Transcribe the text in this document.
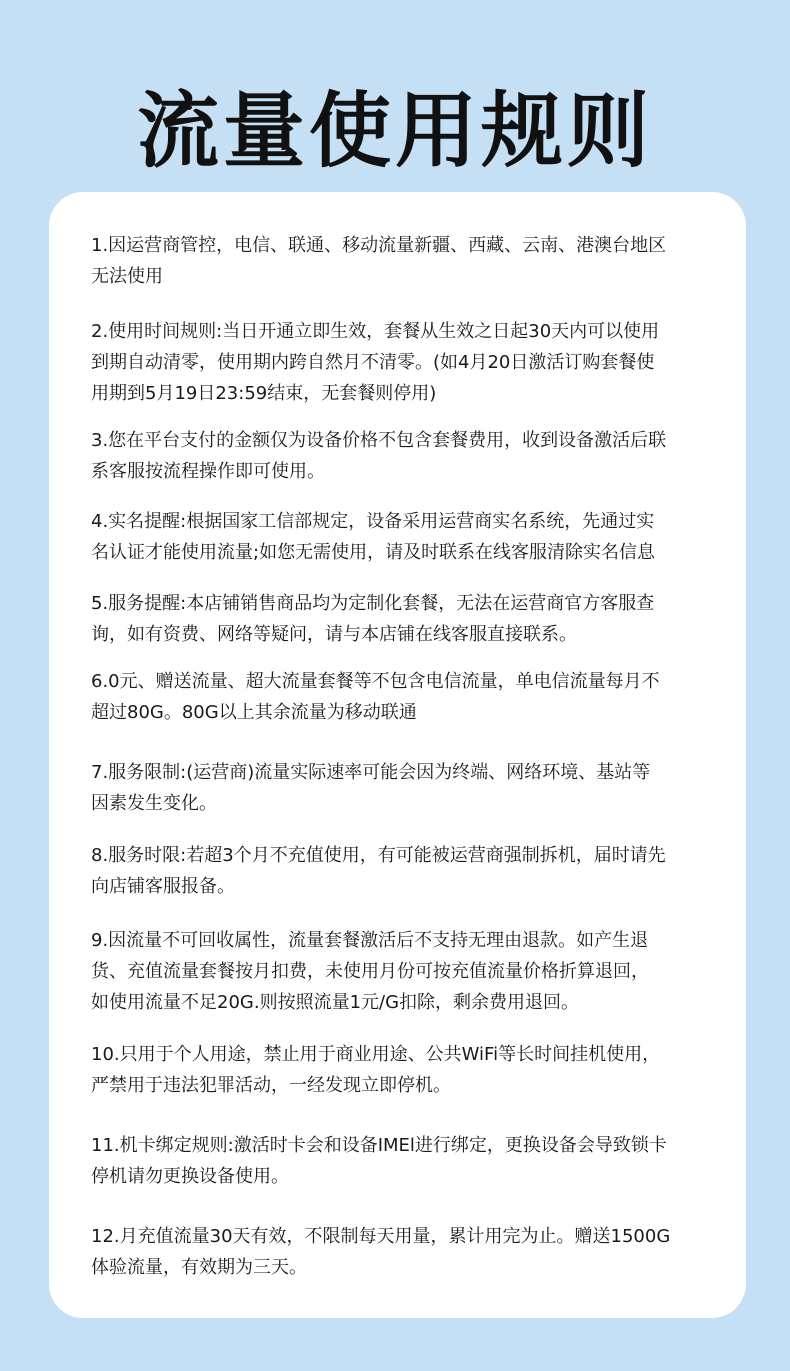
流量使用规则

1.因运营商管控，电信、联通、移动流量新疆、西藏、云南、港澳台地区
无法使用

2.使用时间规则:当日开通立即生效，套餐从生效之日起30天内可以使用
到期自动清零，使用期内跨自然月不清零。(如4月20日激活订购套餐使
用期到5月19日23:59结束，无套餐则停用)

3.您在平台支付的金额仅为设备价格不包含套餐费用，收到设备激活后联
系客服按流程操作即可使用。

4.实名提醒:根据国家工信部规定，设备采用运营商实名系统，先通过实
名认证才能使用流量;如您无需使用，请及时联系在线客服清除实名信息

5.服务提醒:本店铺销售商品均为定制化套餐，无法在运营商官方客服查
询，如有资费、网络等疑问，请与本店铺在线客服直接联系。

6.0元、赠送流量、超大流量套餐等不包含电信流量，单电信流量每月不
超过80G。80G以上其余流量为移动联通

7.服务限制:(运营商)流量实际速率可能会因为终端、网络环境、基站等
因素发生变化。

8.服务时限:若超3个月不充值使用，有可能被运营商强制拆机，届时请先
向店铺客服报备。

9.因流量不可回收属性，流量套餐激活后不支持无理由退款。如产生退
货、充值流量套餐按月扣费，未使用月份可按充值流量价格折算退回，
如使用流量不足20G.则按照流量1元/G扣除，剩余费用退回。

10.只用于个人用途，禁止用于商业用途、公共WiFi等长时间挂机使用，
严禁用于违法犯罪活动，一经发现立即停机。

11.机卡绑定规则:激活时卡会和设备IMEl进行绑定，更换设备会导致锁卡
停机请勿更换设备使用。

12.月充值流量30天有效，不限制每天用量，累计用完为止。赠送1500G
体验流量，有效期为三天。
